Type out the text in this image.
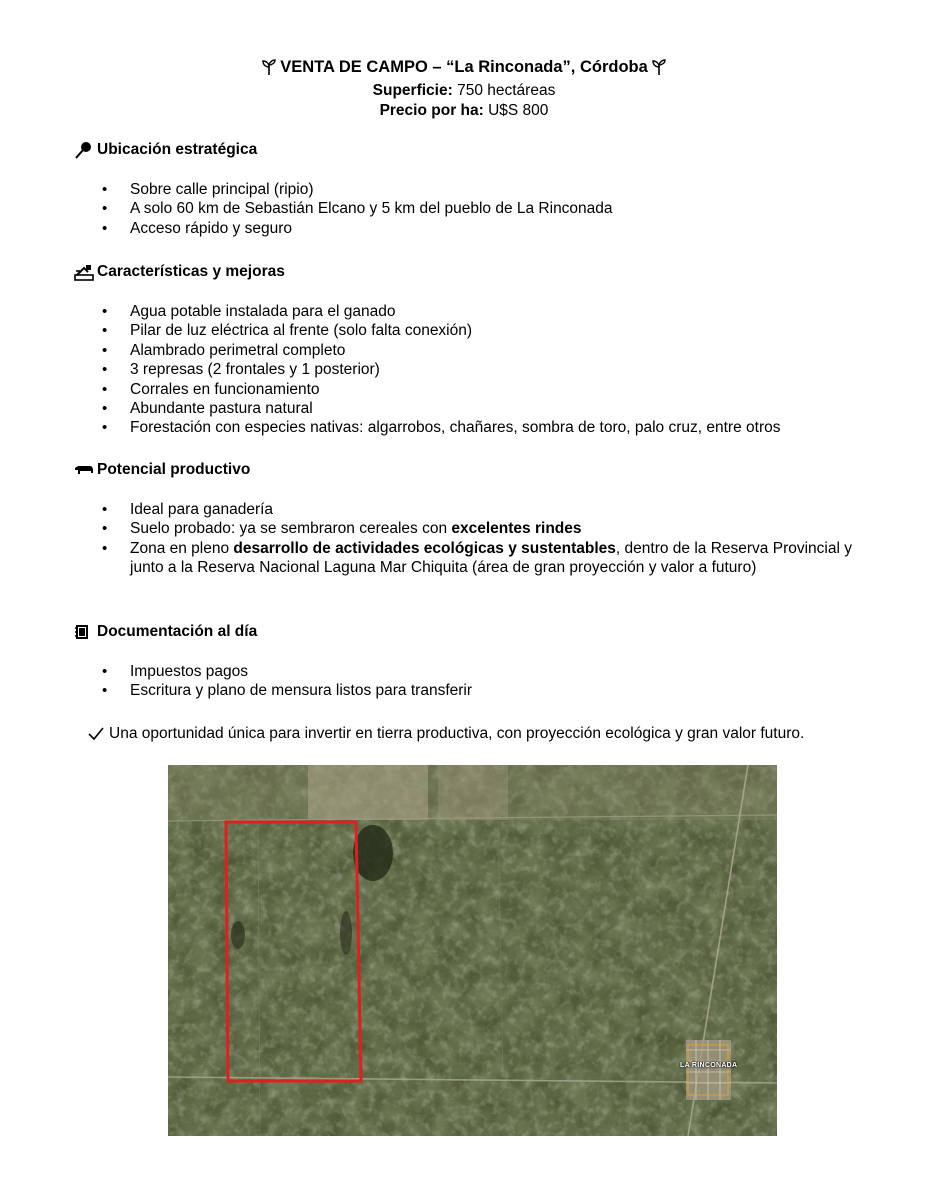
VENTA DE CAMPO – “La Rinconada”, Córdoba
Superficie: 750 hectáreas
Precio por ha: U$S 800
Ubicación estratégica
• Sobre calle principal (ripio)
• A solo 60 km de Sebastián Elcano y 5 km del pueblo de La Rinconada
• Acceso rápido y seguro
Características y mejoras
• Agua potable instalada para el ganado
• Pilar de luz eléctrica al frente (solo falta conexión)
• Alambrado perimetral completo
• 3 represas (2 frontales y 1 posterior)
• Corrales en funcionamiento
• Abundante pastura natural
• Forestación con especies nativas: algarrobos, chañares, sombra de toro, palo cruz, entre otros
Potencial productivo
• Ideal para ganadería
• Suelo probado: ya se sembraron cereales con excelentes rindes
• Zona en pleno desarrollo de actividades ecológicas y sustentables, dentro de la Reserva Provincial y junto a la Reserva Nacional Laguna Mar Chiquita (área de gran proyección y valor a futuro)
Documentación al día
• Impuestos pagos
• Escritura y plano de mensura listos para transferir
Una oportunidad única para invertir en tierra productiva, con proyección ecológica y gran valor futuro.
LA RINCONADA
